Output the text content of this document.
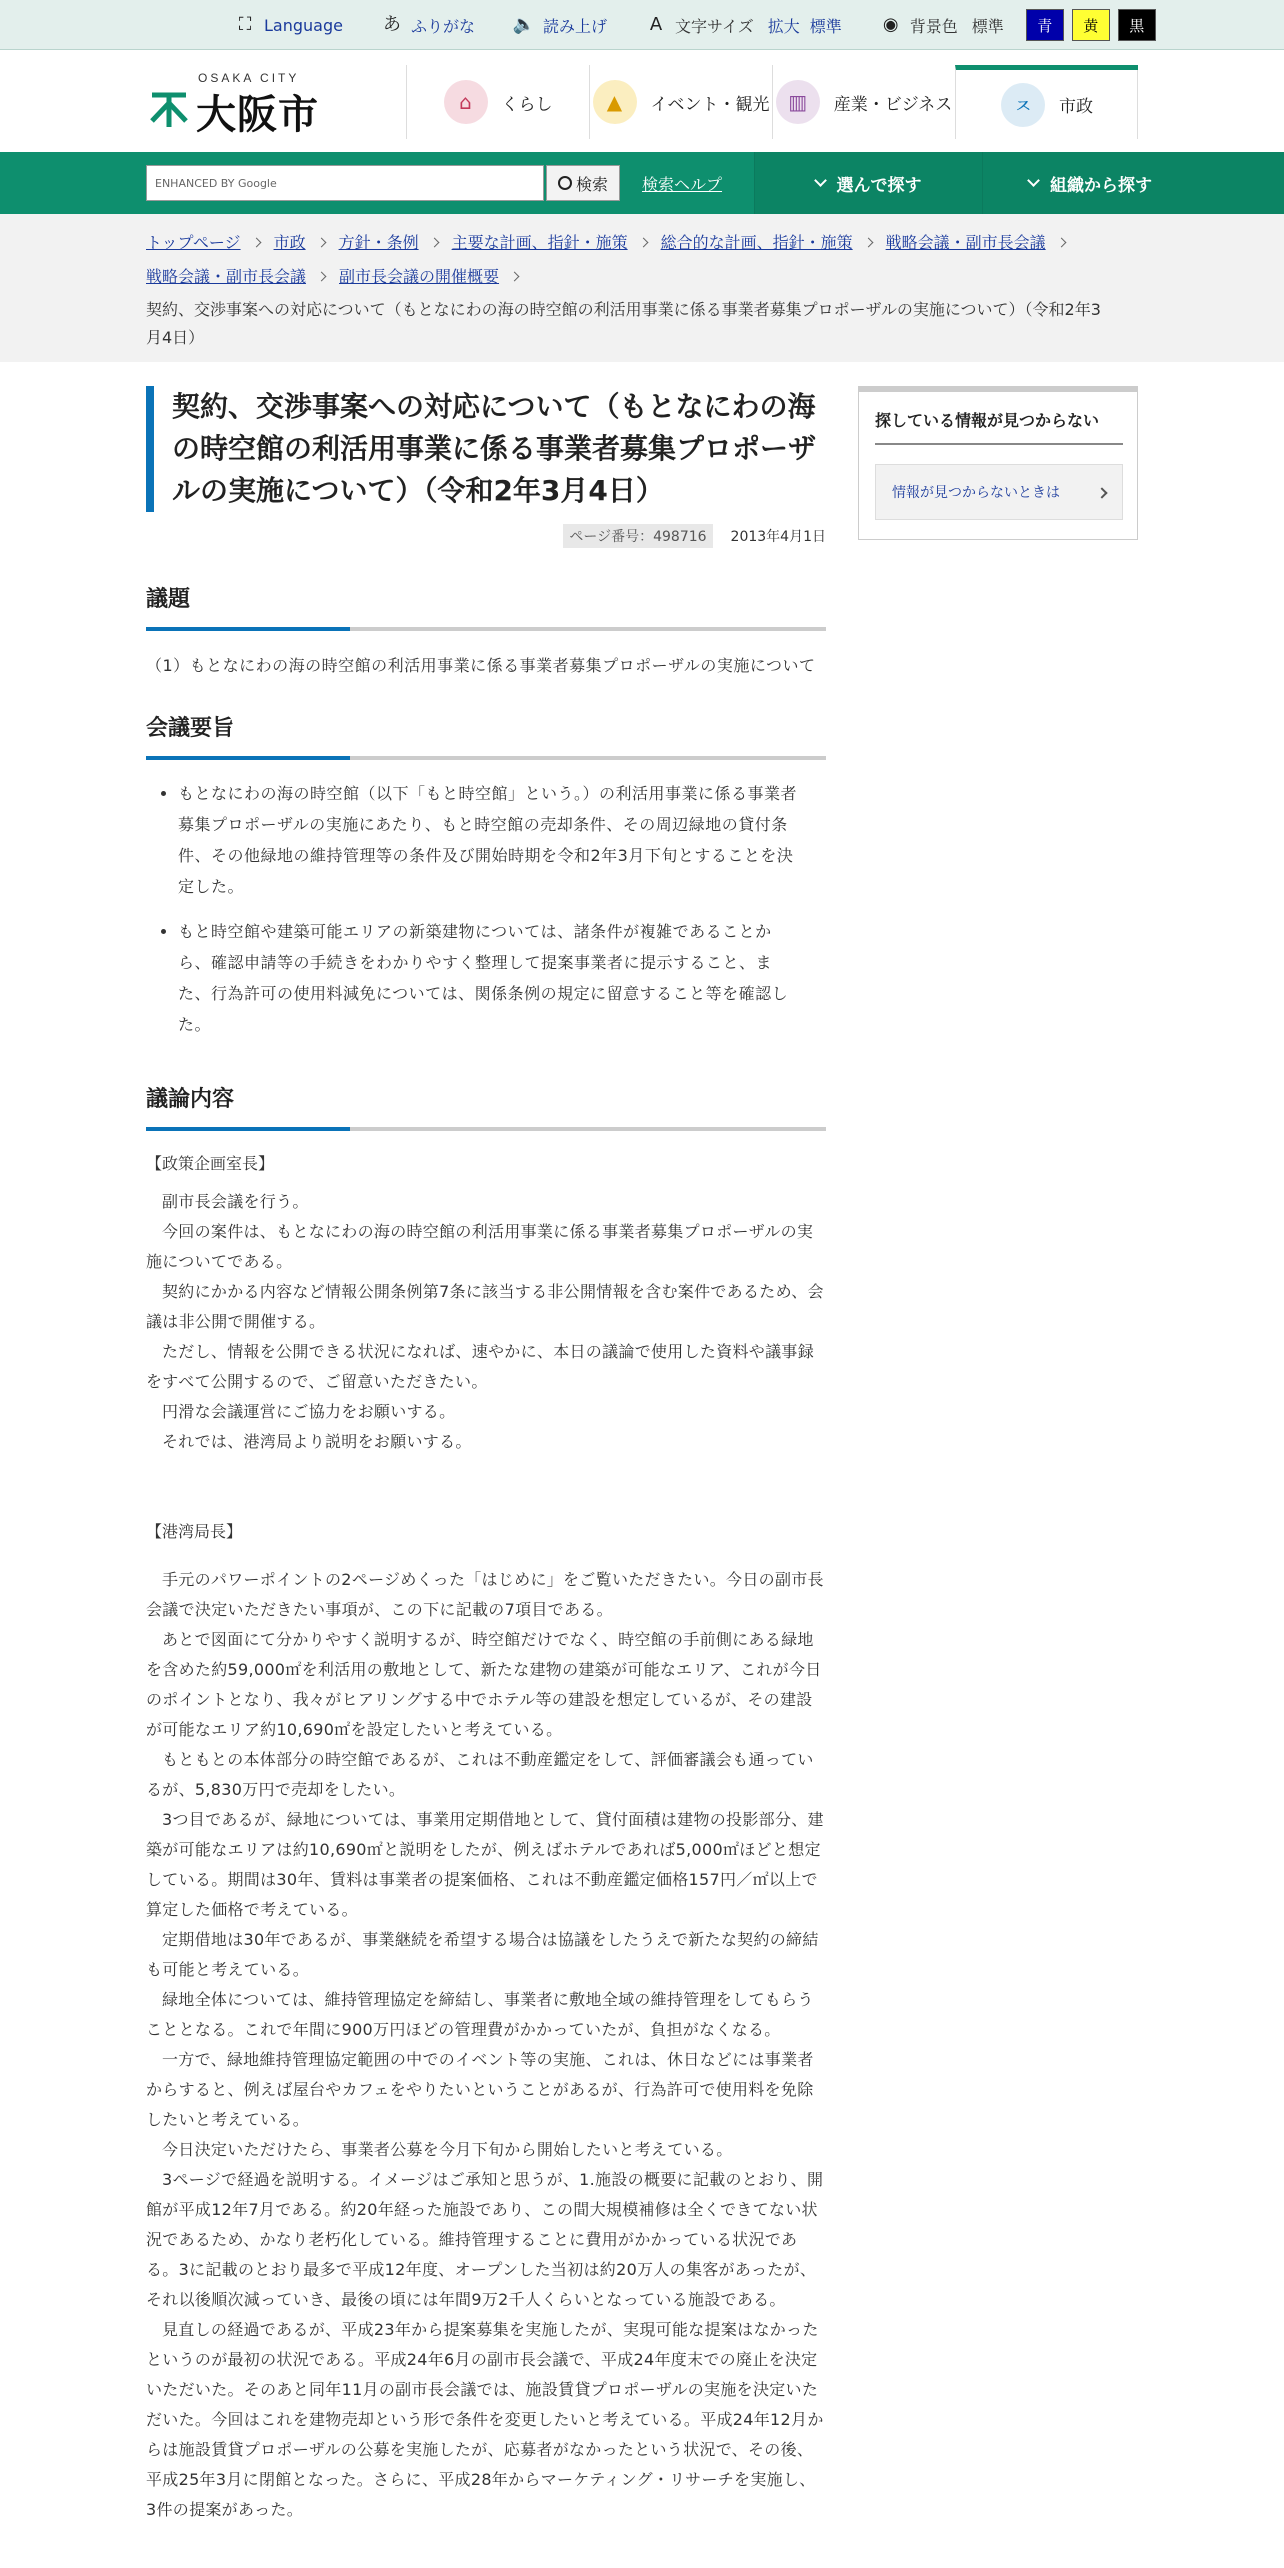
⛶ Language あ ふりがな 🔈 読み上げ	A 文字サイズ 拡大 標準 ◉ 背景色 標準	青	黄	黒
OSAKA CITY
大阪市	⌂	くらし	▲	イベント・観光 ▥	産業・ビジネス	ㅈ	市政
ENHANCED BY Google	検索 検索ヘルプ	選んで探す	組織から探す
トップページ 市政 方針・条例 主要な計画、指針・施策 総合的な計画、指針・施策 戦略会議・副市長会議
戦略会議・副市長会議 副市長会議の開催概要
契約、交渉事案への対応について（もとなにわの海の時空館の利活用事業に係る事業者募集プロポーザルの実施について）（令和2年3月4日）
契約、交渉事案への対応について（もとなにわの海の時空館の利活用事業に係る事業者募集プロポーザルの実施について）（令和2年3月4日）
ページ番号：498716 2013年4月1日
議題

（1）もとなにわの海の時空館の利活用事業に係る事業者募集プロポーザルの実施について

会議要旨
• もとなにわの海の時空館（以下「もと時空館」という。）の利活用事業に係る事業者募集プロポーザルの実施にあたり、もと時空館の売却条件、その周辺緑地の貸付条件、その他緑地の維持管理等の条件及び開始時期を令和2年3月下旬とすることを決定した。
• もと時空館や建築可能エリアの新築建物については、諸条件が複雑であることから、確認申請等の手続きをわかりやすく整理して提案事業者に提示すること、また、行為許可の使用料減免については、関係条例の規定に留意すること等を確認した。
議論内容

【政策企画室長】

副市長会議を行う。

今回の案件は、もとなにわの海の時空館の利活用事業に係る事業者募集プロポーザルの実施についてである。

契約にかかる内容など情報公開条例第7条に該当する非公開情報を含む案件であるため、会議は非公開で開催する。

ただし、情報を公開できる状況になれば、速やかに、本日の議論で使用した資料や議事録をすべて公開するので、ご留意いただきたい。

円滑な会議運営にご協力をお願いする。

それでは、港湾局より説明をお願いする。

【港湾局長】

手元のパワーポイントの2ページめくった「はじめに」をご覧いただきたい。今日の副市長会議で決定いただきたい事項が、この下に記載の7項目である。

あとで図面にて分かりやすく説明するが、時空館だけでなく、時空館の手前側にある緑地を含めた約59,000㎡を利活用の敷地として、新たな建物の建築が可能なエリア、これが今日のポイントとなり、我々がヒアリングする中でホテル等の建設を想定しているが、その建設が可能なエリア約10,690㎡を設定したいと考えている。

もともとの本体部分の時空館であるが、これは不動産鑑定をして、評価審議会も通っているが、5,830万円で売却をしたい。

3つ目であるが、緑地については、事業用定期借地として、貸付面積は建物の投影部分、建築が可能なエリアは約10,690㎡と説明をしたが、例えばホテルであれば5,000㎡ほどと想定している。期間は30年、賃料は事業者の提案価格、これは不動産鑑定価格157円／㎡以上で算定した価格で考えている。

定期借地は30年であるが、事業継続を希望する場合は協議をしたうえで新たな契約の締結も可能と考えている。

緑地全体については、維持管理協定を締結し、事業者に敷地全域の維持管理をしてもらうこととなる。これで年間に900万円ほどの管理費がかかっていたが、負担がなくなる。

一方で、緑地維持管理協定範囲の中でのイベント等の実施、これは、休日などには事業者からすると、例えば屋台やカフェをやりたいということがあるが、行為許可で使用料を免除したいと考えている。

今日決定いただけたら、事業者公募を今月下旬から開始したいと考えている。

3ページで経過を説明する。イメージはご承知と思うが、1.施設の概要に記載のとおり、開館が平成12年7月である。約20年経った施設であり、この間大規模補修は全くできてない状況であるため、かなり老朽化している。維持管理することに費用がかかっている状況である。3に記載のとおり最多で平成12年度、オープンした当初は約20万人の集客があったが、それ以後順次減っていき、最後の頃には年間9万2千人くらいとなっている施設である。

見直しの経過であるが、平成23年から提案募集を実施したが、実現可能な提案はなかったというのが最初の状況である。平成24年6月の副市長会議で、平成24年度末での廃止を決定いただいた。そのあと同年11月の副市長会議では、施設賃貸プロポーザルの実施を決定いただいた。今回はこれを建物売却という形で条件を変更したいと考えている。平成24年12月からは施設賃貸プロポーザルの公募を実施したが、応募者がなかったという状況で、その後、平成25年3月に閉館となった。さらに、平成28年からマーケティング・リサーチを実施し、3件の提案があった。

探している情報が見つからない
情報が見つからないときは
